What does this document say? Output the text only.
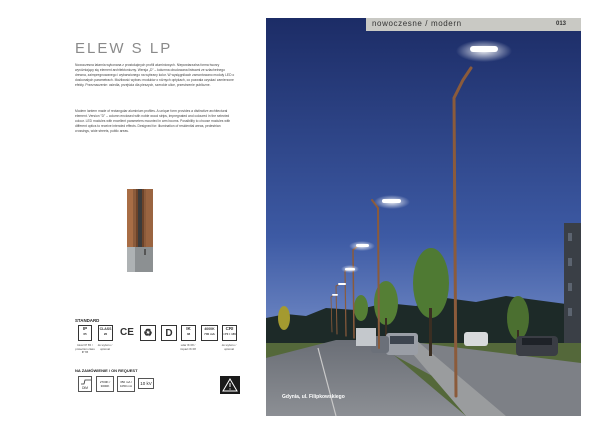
ELEW S LP
Nowoczesna latarnia wykonana z prostokątnych profili aluminiowych. Niepowtarzalna forma tworzy wyróżniający się element architektoniczny. Wersja „D” – kolumna obudowana listwami ze szlachetnego drewna, zaimpregnowanego i wybarwionego na wybrany kolor. W wysięgnikach zamontowano moduły LED o doskonałych parametrach. Możliwość wyboru modułów o różnych optykach, co pozwala uzyskać zamierzone efekty. Przeznaczenie: osiedla, przejścia dla pieszych, szerokie ulice, przestrzenie publiczne.
Modern lantern made of rectangular aluminium profiles. A unique form provides a distinctive architectural element. Version "D" – column enclosed with noble wood strips, impregnated and coloured in the selected colour. LED modules with excellent parameters mounted in arm booms. Possibility to choose modules with different optics to receive intended effects. Designed for: illumination of residential areas, pedestrian crossings, wide streets, public areas.
STANDARD
IP
65
CLASS
I/II	CE ♻	D	IK
08
4000K
700 mA
CRI
>70 / >80
klosz IP 65 / protection class IP 65
do wyboru / optional
udar IK 08 / impact IK 08
do wyboru / optional
NA ZAMÓWIENIE / ON REQUEST
DIM
2700K / 3000K
350 mA / 1050 mA	10 kV
nowoczesne / modern	013
Gdynia, ul. Filipkowskiego
